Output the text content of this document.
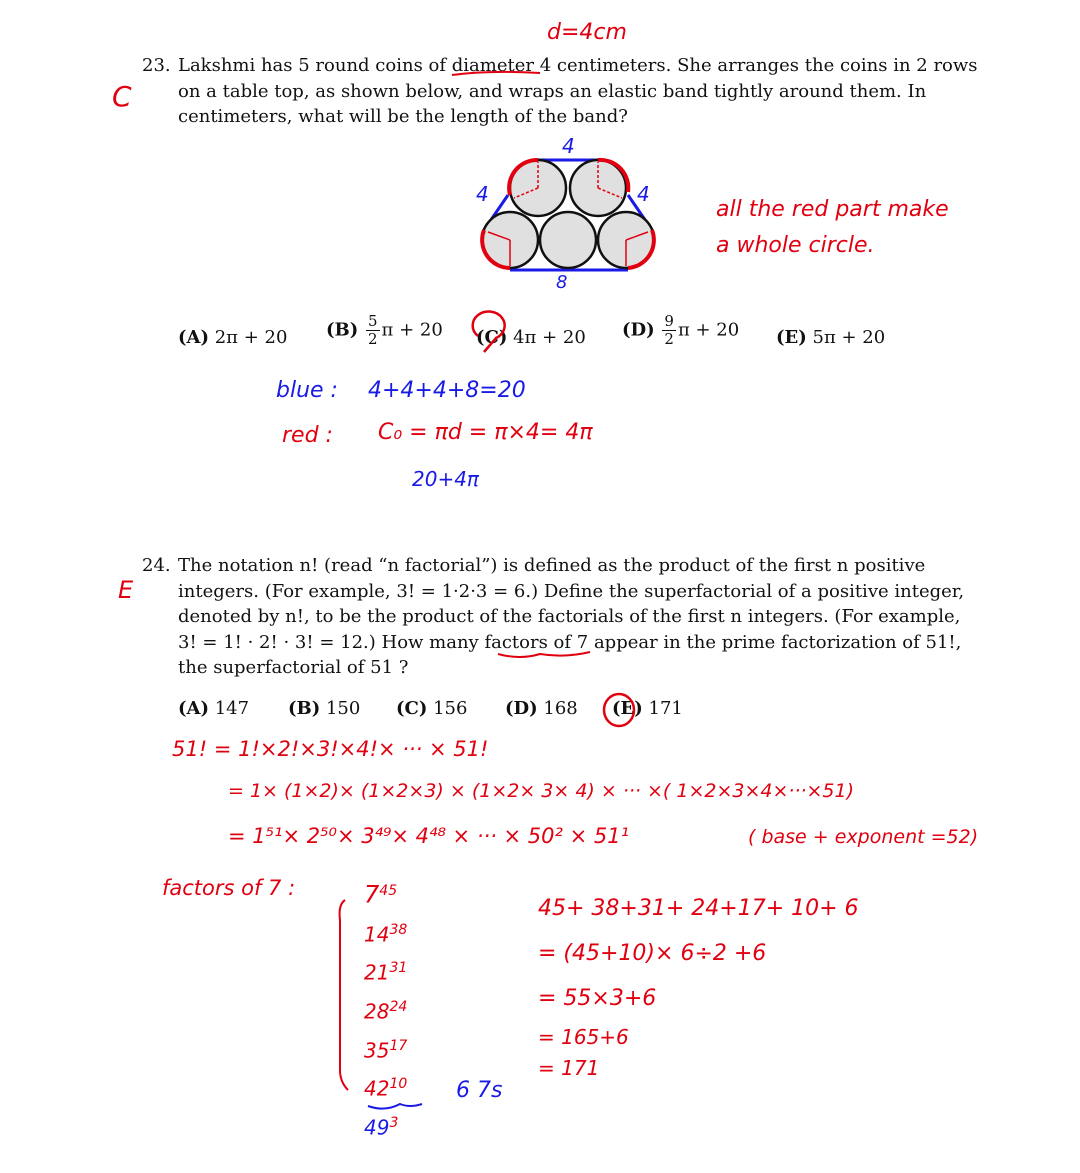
d=4cm
C
23. Lakshmi has 5 round coins of diameter 4 centimeters. She arranges the coins in 2 rows
on a table top, as shown below, and wraps an elastic band tightly around them. In
centimeters, what will be the length of the band?
4
4	4
8
all the red part make
a whole circle.
(A) 2π + 20 $(B) \frac{5}{2}$ π + 20 (C) 4π + 20 $(D) \frac{9}{2}$ π + 20 (E) 5π + 20
blue : 4+4+4+8=20
red : C₀ = πd = π×4= 4π
20+4π
E
24. The notation n! (read “n factorial”) is defined as the product of the first n positive
integers. (For example, 3! = 1·2·3 = 6.) Define the superfactorial of a positive integer,
denoted by n!, to be the product of the factorials of the first n integers. (For example,
3! = 1! · 2! · 3! = 12.) How many factors of 7 appear in the prime factorization of 51!,
the superfactorial of 51 ?
(A) 147 (B) 150 (C) 156 (D) 168 (E) 171
51! = 1!×2!×3!×4!× ··· × 51!
= 1× (1×2)× (1×2×3) × (1×2× 3× 4) × ··· ×( 1×2×3×4×···×51)
= 1⁵¹× 2⁵⁰× 3⁴⁹× 4⁴⁸ × ··· × 50² × 51¹	( base + exponent =52)
factors of 7 :	$7^{45}$
$14^{38}$
$21^{31}$
$28^{24}$
$35^{17}$
$42^{10}$
$49^3$
6 7s
45+ 38+31+ 24+17+ 10+ 6
= (45+10)× 6÷2 +6
= 55×3+6
= 165+6
= 171
